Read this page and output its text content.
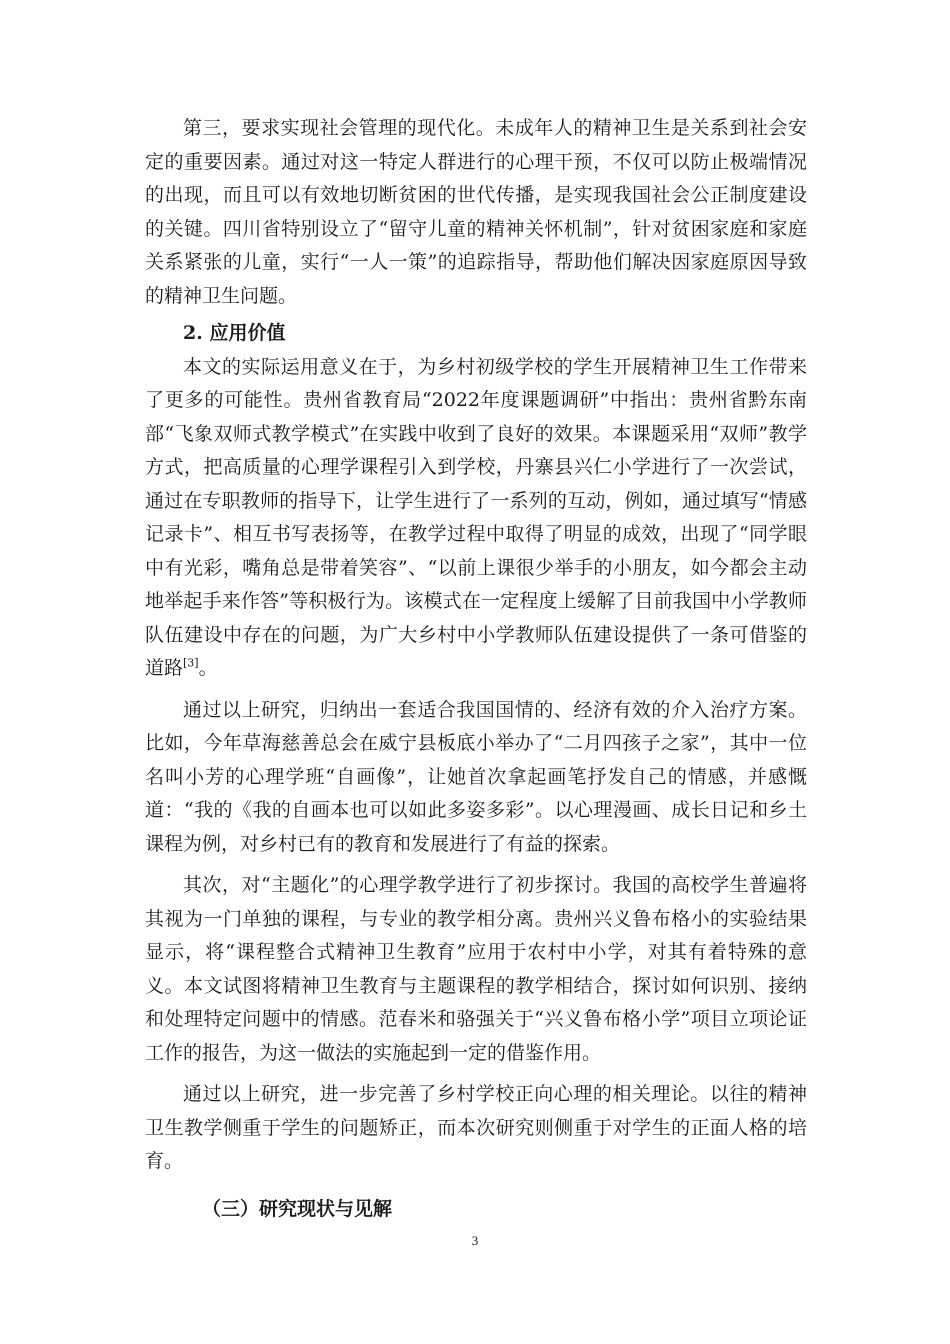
第三，要求实现社会管理的现代化。未成年人的精神卫生是关系到社会安定的重要因素。通过对这一特定人群进行的心理干预，不仅可以防止极端情况的出现，而且可以有效地切断贫困的世代传播，是实现我国社会公正制度建设的关键。四川省特别设立了“留守儿童的精神关怀机制”，针对贫困家庭和家庭关系紧张的儿童，实行“一人一策”的追踪指导，帮助他们解决因家庭原因导致的精神卫生问题。

2. 应用价值

本文的实际运用意义在于，为乡村初级学校的学生开展精神卫生工作带来了更多的可能性。贵州省教育局“2022年度课题调研”中指出：贵州省黔东南部“飞象双师式教学模式”在实践中收到了良好的效果。本课题采用“双师”教学方式，把高质量的心理学课程引入到学校，丹寨县兴仁小学进行了一次尝试，通过在专职教师的指导下，让学生进行了一系列的互动，例如，通过填写“情感记录卡”、相互书写表扬等，在教学过程中取得了明显的成效，出现了“同学眼中有光彩，嘴角总是带着笑容”、“以前上课很少举手的小朋友，如今都会主动地举起手来作答”等积极行为。该模式在一定程度上缓解了目前我国中小学教师队伍建设中存在的问题，为广大乡村中小学教师队伍建设提供了一条可借鉴的道路[3]。

通过以上研究，归纳出一套适合我国国情的、经济有效的介入治疗方案。比如，今年草海慈善总会在威宁县板底小举办了“二月四孩子之家”，其中一位名叫小芳的心理学班“自画像”，让她首次拿起画笔抒发自己的情感，并感慨道：“我的《我的自画本也可以如此多姿多彩”。以心理漫画、成长日记和乡土课程为例，对乡村已有的教育和发展进行了有益的探索。

其次，对“主题化”的心理学教学进行了初步探讨。我国的高校学生普遍将其视为一门单独的课程，与专业的教学相分离。贵州兴义鲁布格小的实验结果显示，将“课程整合式精神卫生教育”应用于农村中小学，对其有着特殊的意义。本文试图将精神卫生教育与主题课程的教学相结合，探讨如何识别、接纳和处理特定问题中的情感。范春米和骆强关于“兴义鲁布格小学”项目立项论证工作的报告，为这一做法的实施起到一定的借鉴作用。

通过以上研究，进一步完善了乡村学校正向心理的相关理论。以往的精神卫生教学侧重于学生的问题矫正，而本次研究则侧重于对学生的正面人格的培育。

（三）研究现状与见解

3
